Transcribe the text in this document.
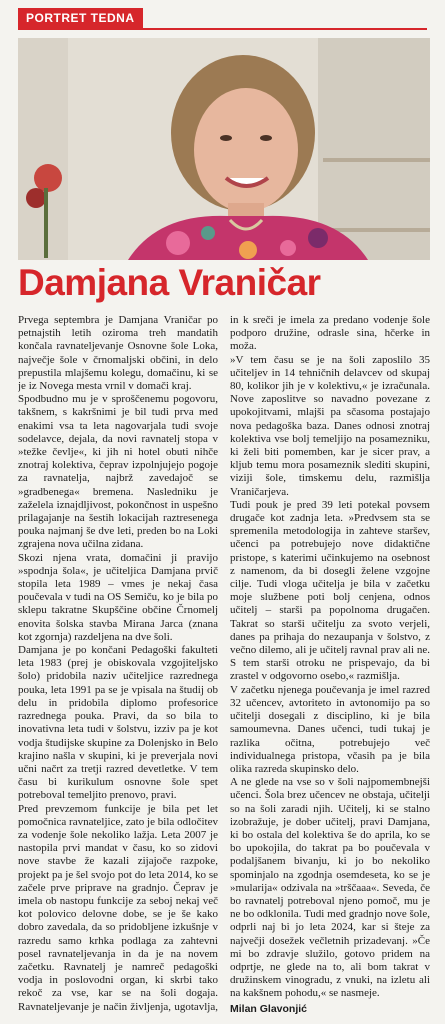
PORTRET TEDNA
Damjana Vraničar

Prvega septembra je Damjana Vraničar po petnajstih letih oziroma treh mandatih končala ravnateljevanje Osnovne šole Loka, največje šole v črnomaljski občini, in delo prepustila mlajšemu kolegu, domačinu, ki se je iz Novega mesta vrnil v domači kraj.

Spodbudno mu je v sproščenemu pogovoru, takšnem, s kakršnimi je bil tudi prva med enakimi vsa ta leta nagovarjala tudi svoje sodelavce, dejala, da novi ravnatelj stopa v »težke čevlje«, ki jih ni hotel obuti nihče znotraj kolektiva, čeprav izpolnjujejo pogoje za ravnatelja, najbrž zavedajoč se »gradbenega« bremena. Nasledniku je zaželela iznajdljivost, pokončnost in uspešno prilagajanje na šestih lokacijah raztresenega pouka najmanj še dve leti, preden bo na Loki zgrajena nova učilna zidana.

Skozi njena vrata, domačini ji pravijo »spodnja šola«, je učiteljica Damjana prvič stopila leta 1989 – vmes je nekaj časa poučevala v tudi na OS Semiču, ko je bila po sklepu takratne Skupščine občine Črnomelj enovita šolska stavba Mirana Jarca (znana kot zgornja) razdeljena na dve šoli.

Damjana je po končani Pedagoški fakulteti leta 1983 (prej je obiskovala vzgojiteljsko šolo) pridobila naziv učiteljice razrednega pouka, leta 1991 pa se je vpisala na študij ob delu in pridobila diplomo profesorice razrednega pouka. Pravi, da so bila to inovativna leta tudi v šolstvu, izziv pa je kot vodja študijske skupine za Dolenjsko in Belo krajino našla v skupini, ki je preverjala novi učni načrt za tretji razred devetletke. V tem času bi kurikulum osnovne šole spet potreboval temeljito prenovo, pravi.

Pred prevzemom funkcije je bila pet let pomočnica ravnateljice, zato je bila odločitev za vodenje šole nekoliko lažja. Leta 2007 je nastopila prvi mandat v času, ko so zidovi nove stavbe že kazali zijajoče razpoke, projekt pa je šel svojo pot do leta 2014, ko se začele prve priprave na gradnjo. Čeprav je imela ob nastopu funkcije za seboj nekaj več kot polovico delovne dobe, se je še kako dobro zavedala, da so pridobljene izkušnje v razredu samo krhka podlaga za zahtevni posel ravnateljevanja in da je na novem začetku. Ravnatelj je namreč pedagoški vodja in poslovodni organ, ki skrbi tako rekoč za vse, kar se na šoli dogaja. Ravnateljevanje je način življenja, ugotavlja, in k sreči je imela za predano vodenje šole podporo družine, odrasle sina, hčerke in moža.

»V tem času se je na šoli zaposlilo 35 učiteljev in 14 tehničnih delavcev od skupaj 80, kolikor jih je v kolektivu,« je izračunala. Nove zaposlitve so navadno povezane z upokojitvami, mlajši pa sčasoma postajajo nova pedagoška baza. Danes odnosi znotraj kolektiva vse bolj temeljijo na posamezniku, ki želi biti pomemben, kar je sicer prav, a kljub temu mora posameznik slediti skupini, viziji šole, timskemu delu, razmišlja Vraničarjeva.

Tudi pouk je pred 39 leti potekal povsem drugače kot zadnja leta. »Predvsem sta se spremenila metodologija in zahteve staršev, učenci pa potrebujejo nove didaktične pristope, s katerimi učinkujemo na osebnost z namenom, da bi dosegli želene vzgojne cilje. Tudi vloga učitelja je bila v začetku moje službene poti bolj cenjena, odnos učitelj – starši pa popolnoma drugačen. Takrat so starši učitelju za svoto verjeli, danes pa prihaja do nezaupanja v šolstvo, z večno dilemo, ali je učitelj ravnal prav ali ne. S tem starši otroku ne prispevajo, da bi zrastel v odgovorno osebo,« razmišlja.

V začetku njenega poučevanja je imel razred 32 učencev, avtoriteto in avtonomijo pa so učitelji dosegali z disciplino, ki je bila samoumevna. Danes učenci, tudi tukaj je razlika očitna, potrebujejo več individualnega pristopa, včasih pa je bila olika razreda skupinsko delo.

A ne glede na vse so v šoli najpomembnejši učenci. Šola brez učencev ne obstaja, učitelji so na šoli zaradi njih. Učitelj, ki se stalno izobražuje, je dober učitelj, pravi Damjana, ki bo ostala del kolektiva še do aprila, ko se bo upokojila, do takrat pa bo poučevala v podaljšanem bivanju, ki jo bo nekoliko spominjalo na zgodnja osemdeseta, ko se je »mularija« odzivala na »trščaaa«. Seveda, če bo ravnatelj potreboval njeno pomoč, mu je ne bo odklonila. Tudi med gradnjo nove šole, odprli naj bi jo leta 2024, kar si šteje za največji dosežek večletnih prizadevanj. »Če mi bo zdravje služilo, gotovo pridem na odprtje, ne glede na to, ali bom takrat v družinskem vinogradu, z vnuki, na izletu ali na kakšnem pohodu,« se nasmeje.

Milan Glavonjić
